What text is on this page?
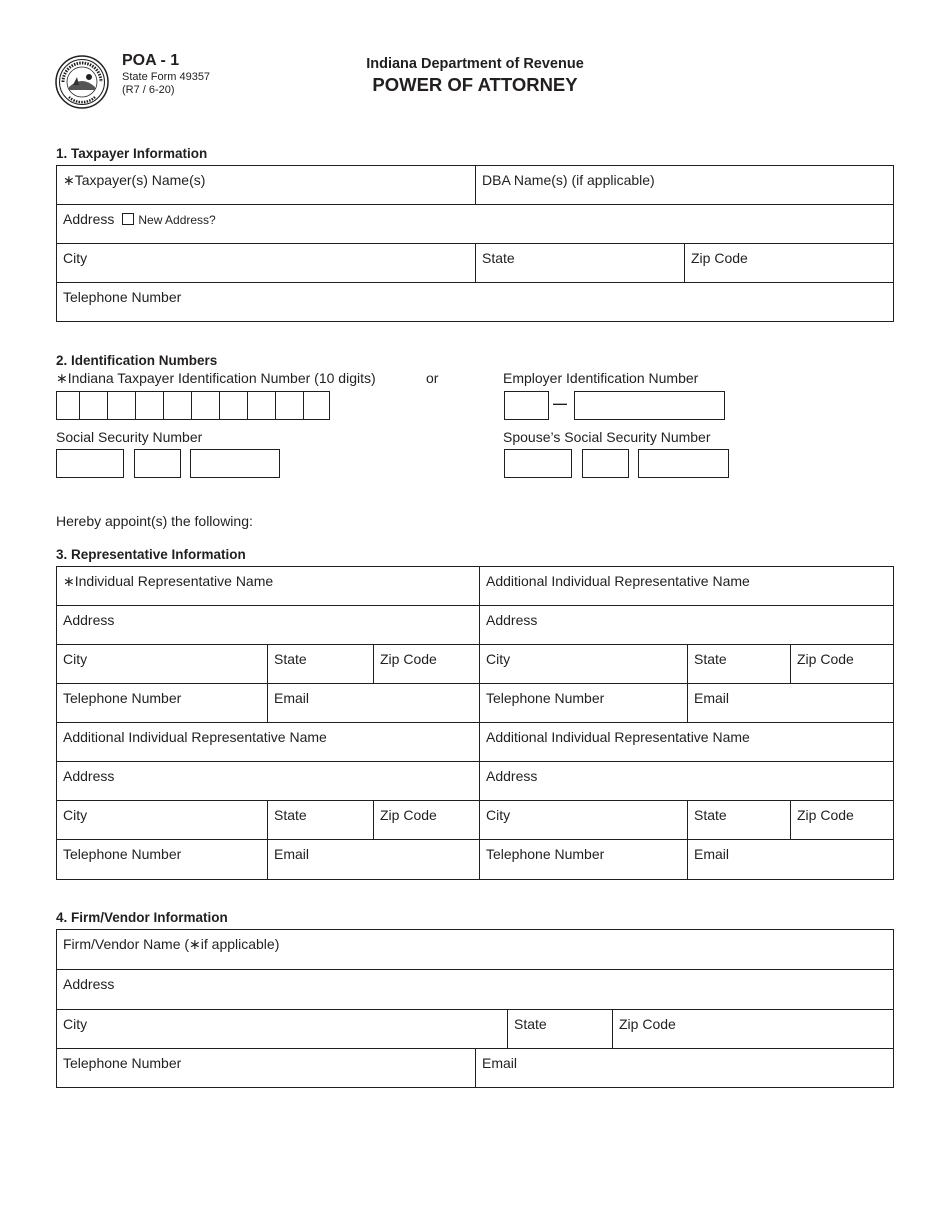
POA - 1
State Form 49357
(R7 / 6-20)
Indiana Department of Revenue
POWER OF ATTORNEY
1. Taxpayer Information
∗Taxpayer(s) Name(s)	DBA Name(s) (if applicable)
Address New Address?
City	State	Zip Code
Telephone Number
2. Identification Numbers
∗Indiana Taxpayer Identification Number (10 digits)	or	Employer Identification Number
—
Social Security Number	Spouse’s Social Security Number
Hereby appoint(s) the following:
3. Representative Information
∗Individual Representative Name
Address
City	State	Zip Code
Telephone Number	Email
Additional Individual Representative Name
Address
City	State	Zip Code
Telephone Number	Email
Additional Individual Representative Name
Address
City	State	Zip Code
Telephone Number	Email
Additional Individual Representative Name
Address
City	State	Zip Code
Telephone Number	Email
4. Firm/Vendor Information
Firm/Vendor Name (∗if applicable)
Address
City	State	Zip Code
Telephone Number	Email
